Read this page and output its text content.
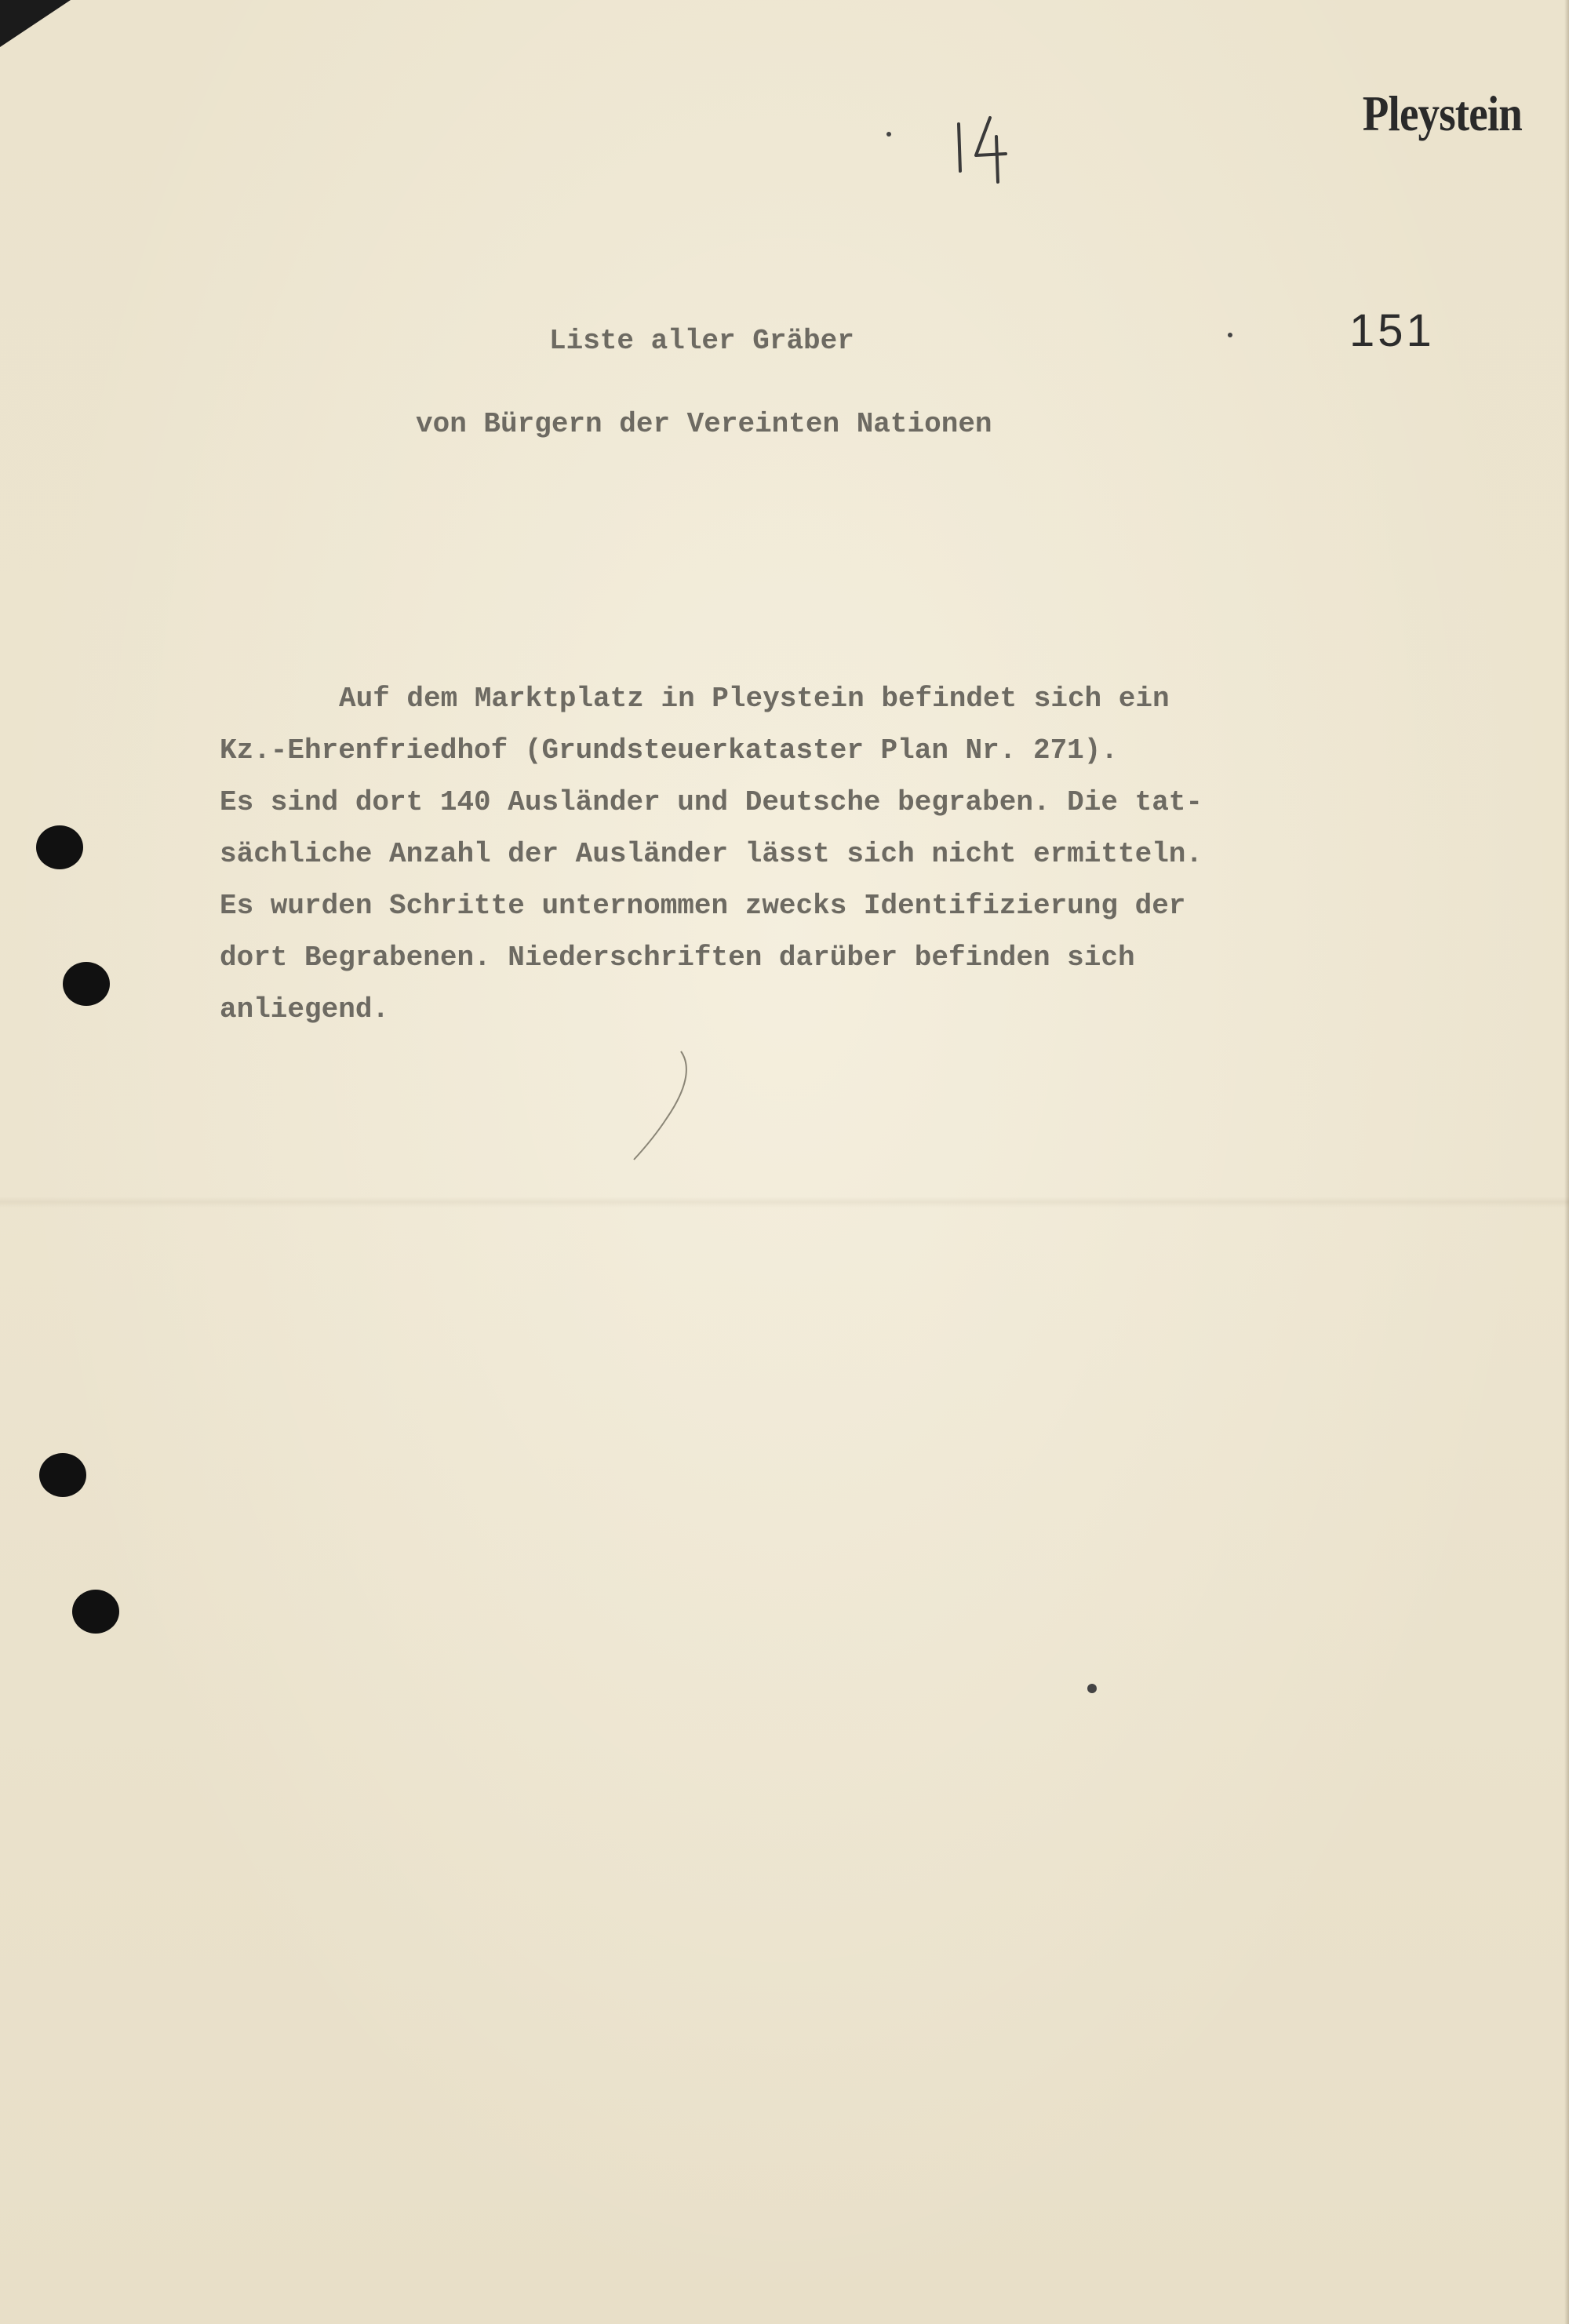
Pleystein
151
Liste aller Gräber
von Bürgern der Vereinten Nationen
Auf dem Marktplatz in Pleystein befindet sich ein
Kz.-Ehrenfriedhof (Grundsteuerkataster Plan Nr. 271).
Es sind dort 140 Ausländer und Deutsche begraben. Die tat-
sächliche Anzahl der Ausländer lässt sich nicht ermitteln.
Es wurden Schritte unternommen zwecks Identifizierung der
dort Begrabenen. Niederschriften darüber befinden sich
anliegend.
